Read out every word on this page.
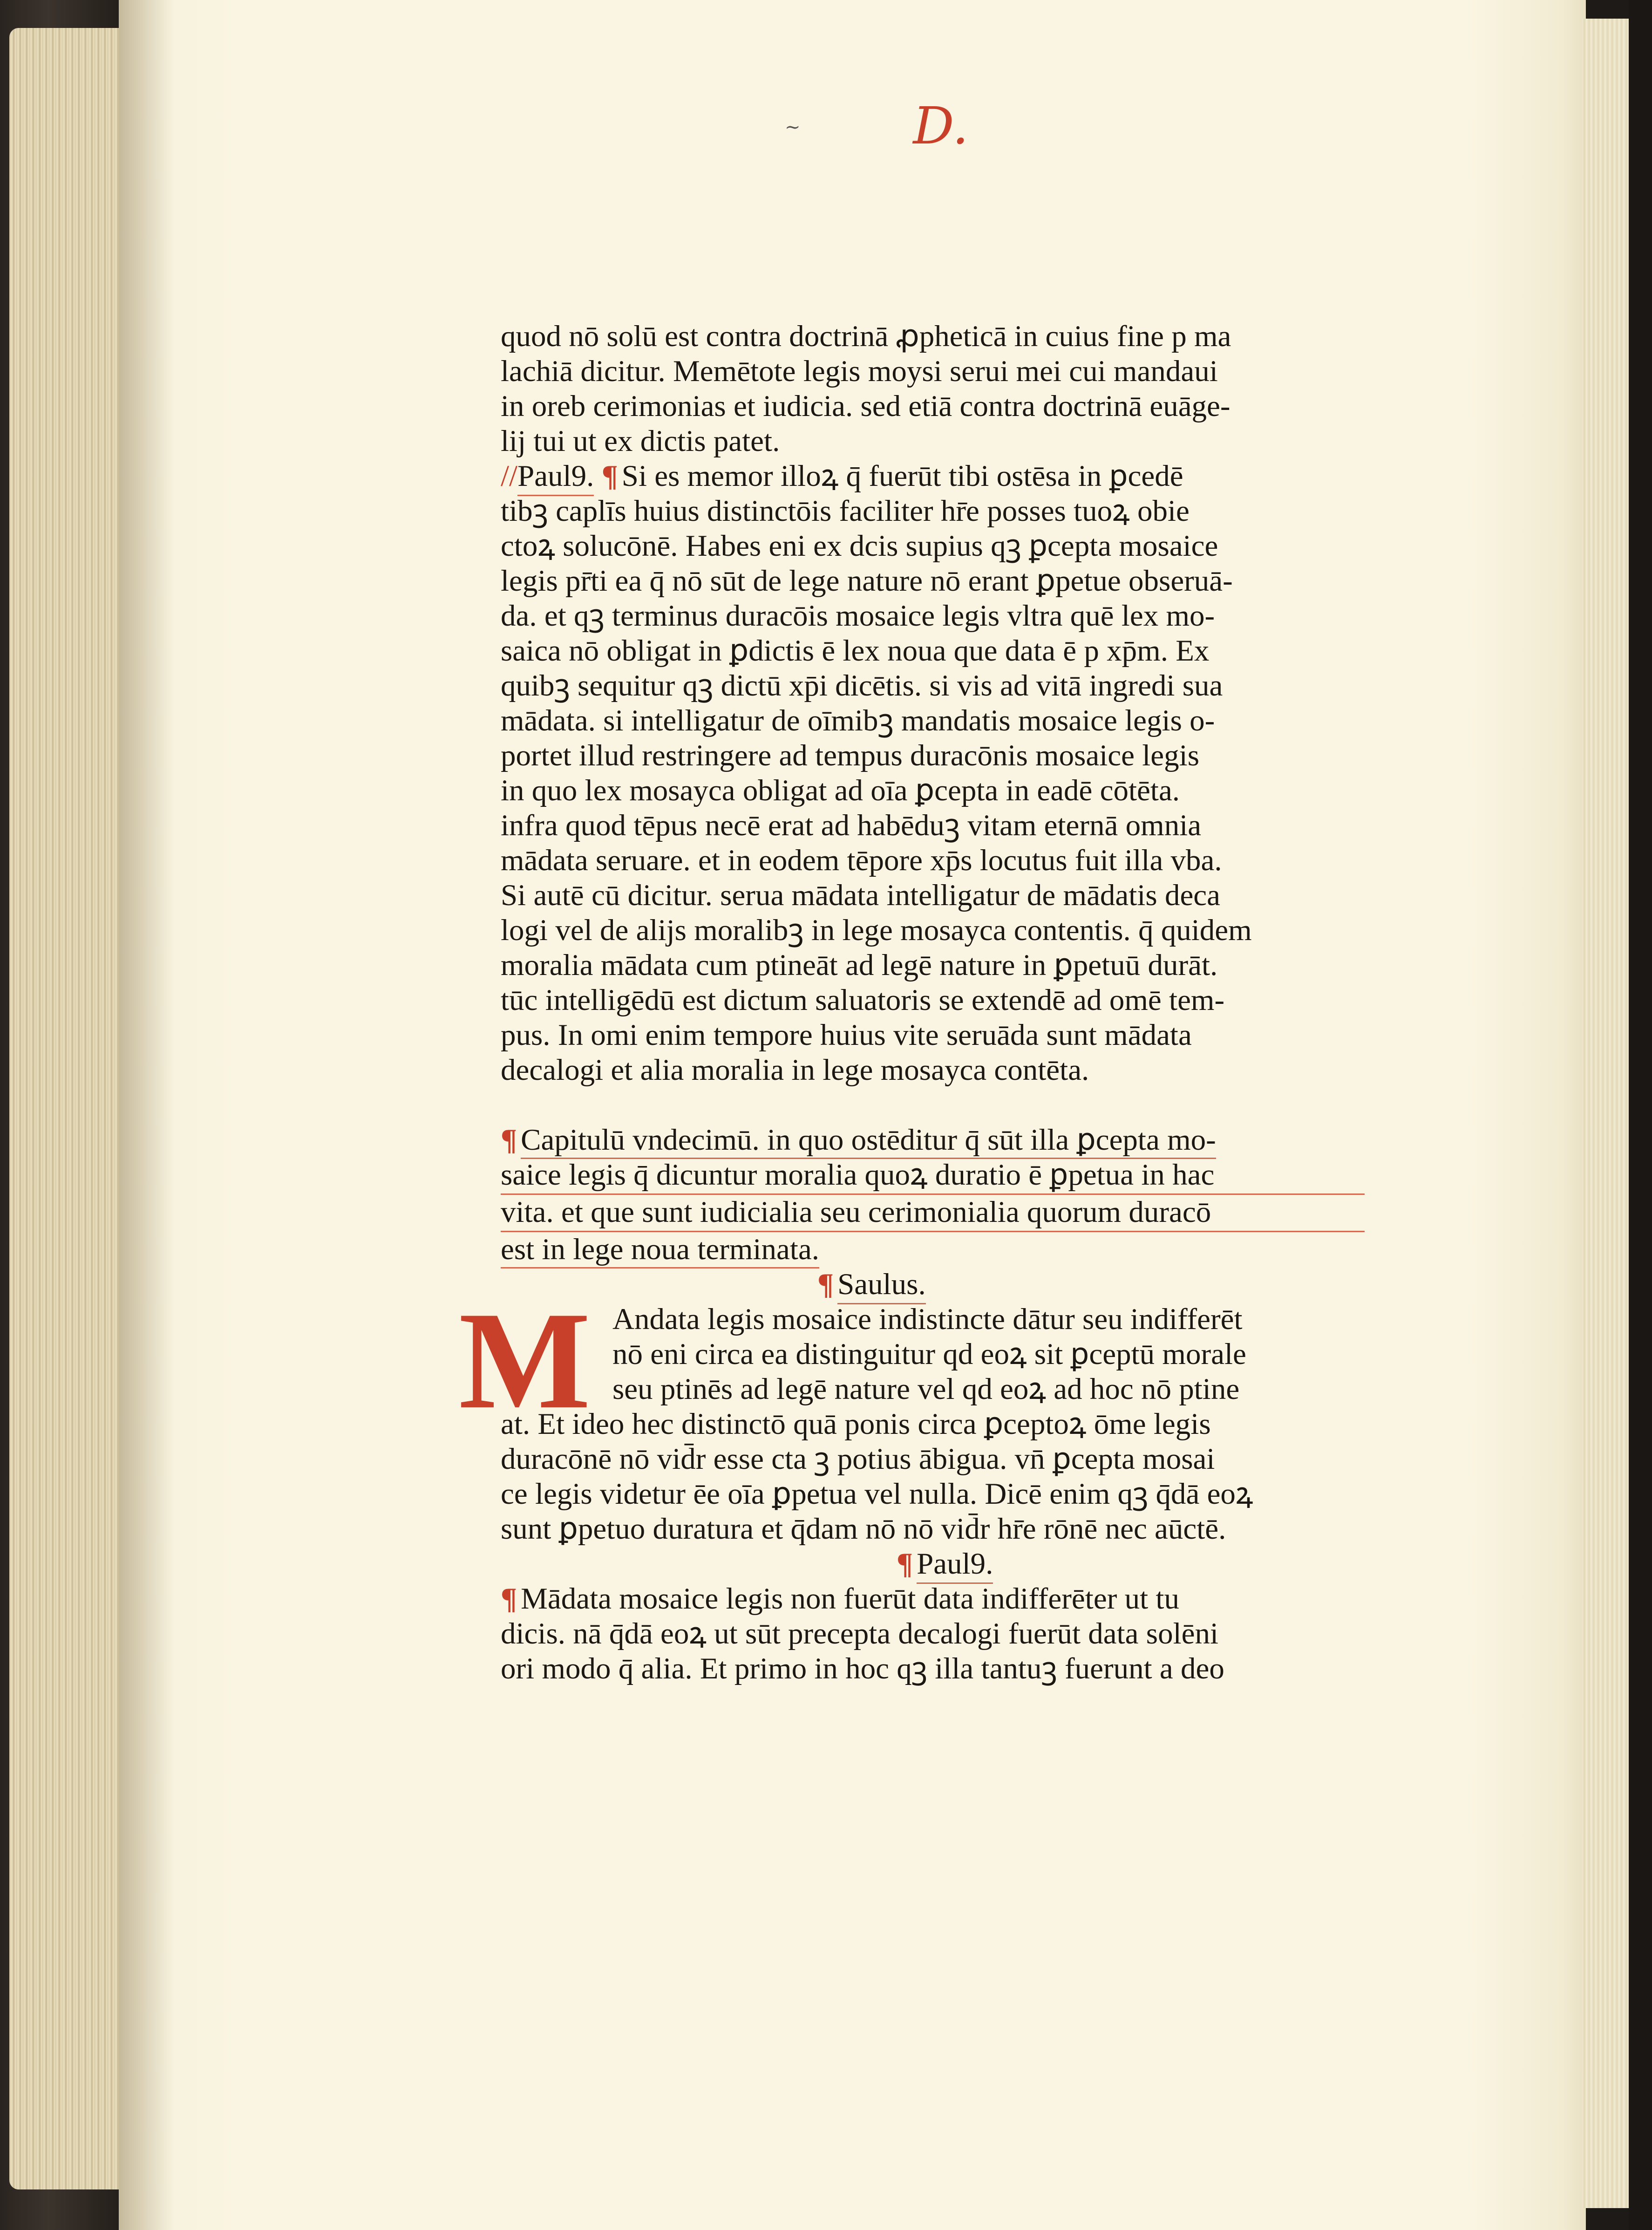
~	D.
quod nō solū est contra doctrinā ꝓpheticā in cuius fine p ma
lachiā dicitur. Memētote legis moysi serui mei cui mandaui
in oreb cerimonias et iudicia. sed etiā contra doctrinā euāge-
lij tui ut ex dictis patet.
//Paul9. ¶ Si es memor illoꝝ q̄ fuerūt tibi ostēsa in ꝑcedē
tibꝫ caplīs huius distinctōis faciliter hr̄e posses tuoꝝ obie
ctoꝝ solucōnē. Habes eni ex dcis supius qꝫ ꝑcepta mosaice
legis pr̄ti ea q̄ nō sūt de lege nature nō erant ꝑpetue obseruā-
da. et qꝫ terminus duracōis mosaice legis vltra quē lex mo-
saica nō obligat in ꝑdictis ē lex noua que data ē p xp̄m. Ex
quibꝫ sequitur qꝫ dictū xp̄i dicētis. si vis ad vitā ingredi sua
mādata. si intelligatur de oīmibꝫ mandatis mosaice legis o-
portet illud restringere ad tempus duracōnis mosaice legis
in quo lex mosayca obligat ad oīa ꝑcepta in eadē cōtēta.
infra quod tēpus necē erat ad habēduꝫ vitam eternā omnia
mādata seruare. et in eodem tēpore xp̄s locutus fuit illa vba.
Si autē cū dicitur. serua mādata intelligatur de mādatis deca
logi vel de alijs moralibꝫ in lege mosayca contentis. q̄ quidem
moralia mādata cum ptineāt ad legē nature in ꝑpetuū durāt.
tūc intelligēdū est dictum saluatoris se extendē ad omē tem-
pus. In omi enim tempore huius vite seruāda sunt mādata
decalogi et alia moralia in lege mosayca contēta.
¶ Capitulū vndecimū. in quo ostēditur q̄ sūt illa ꝑcepta mo-
saice legis q̄ dicuntur moralia quoꝝ duratio ē ꝑpetua in hac
vita. et que sunt iudicialia seu cerimonialia quorum duracō
est in lege noua terminata.
¶ Saulus.
M Andata legis mosaice indistincte dātur seu indifferēt
nō eni circa ea distinguitur qd eoꝝ sit ꝑceptū morale
seu ptinēs ad legē nature vel qd eoꝝ ad hoc nō ptine
at. Et ideo hec distinctō quā ponis circa ꝑceptoꝝ ōme legis
duracōnē nō vid̄r esse cta ꝫ potius ābigua. vn̄ ꝑcepta mosai
ce legis videtur ēe oīa ꝑpetua vel nulla. Dicē enim qꝫ q̄dā eoꝝ
sunt ꝑpetuo duratura et q̄dam nō nō vid̄r hr̄e rōnē nec aūctē.
¶ Paul9.
¶ Mādata mosaice legis non fuerūt data indifferēter ut tu
dicis. nā q̄dā eoꝝ ut sūt precepta decalogi fuerūt data solēni
ori modo q̄ alia. Et primo in hoc qꝫ illa tantuꝫ fuerunt a deo
